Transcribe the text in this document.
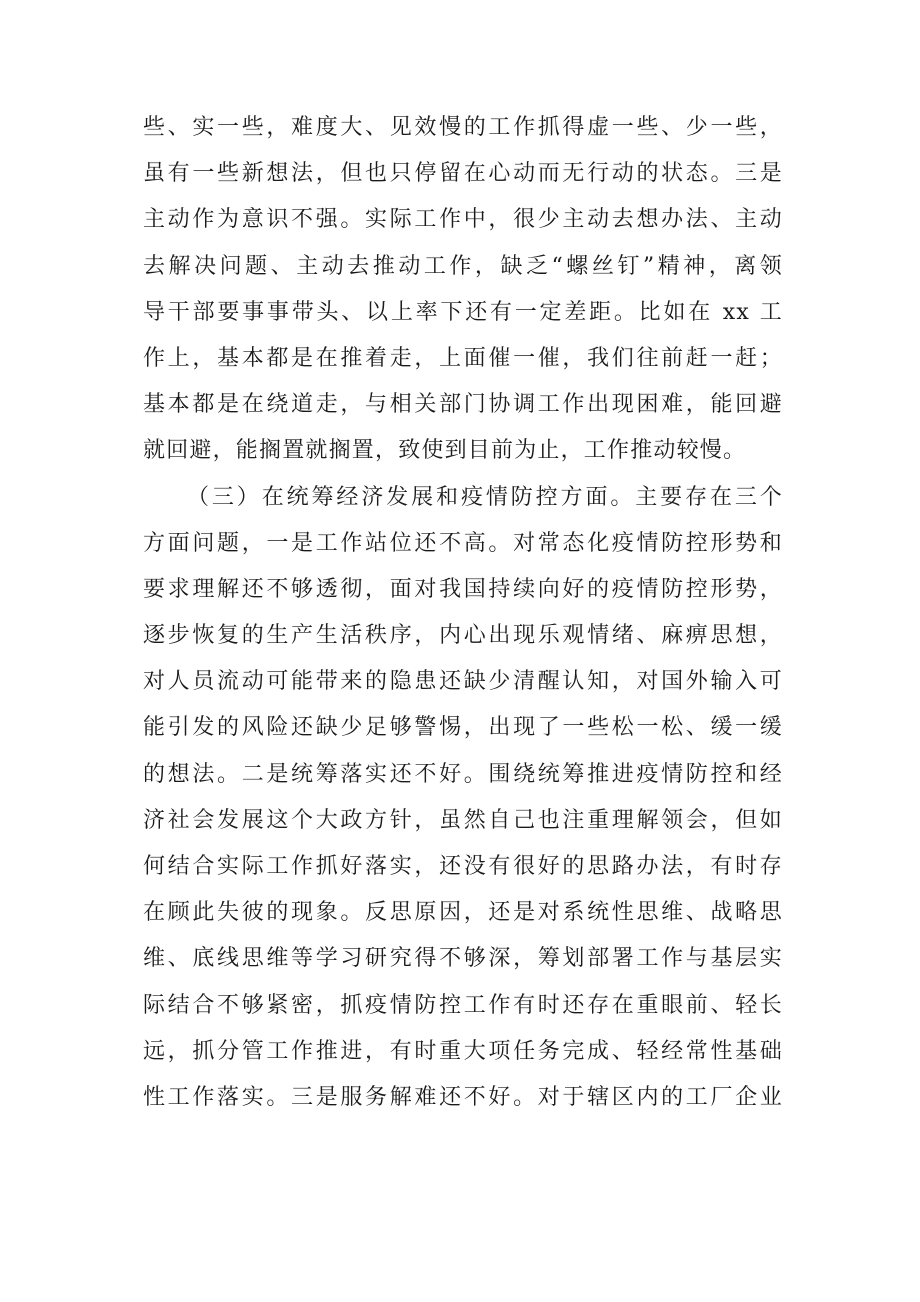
些、实一些，难度大、见效慢的工作抓得虚一些、少一些，
虽有一些新想法，但也只停留在心动而无行动的状态。三是
主动作为意识不强。实际工作中，很少主动去想办法、主动
去解决问题、主动去推动工作，缺乏“螺丝钉”精神，离领
导干部要事事带头、以上率下还有一定差距。比如在 xx 工
作上，基本都是在推着走，上面催一催，我们往前赶一赶；
基本都是在绕道走，与相关部门协调工作出现困难，能回避
就回避，能搁置就搁置，致使到目前为止，工作推动较慢。
（三）在统筹经济发展和疫情防控方面。主要存在三个
方面问题，一是工作站位还不高。对常态化疫情防控形势和
要求理解还不够透彻，面对我国持续向好的疫情防控形势，
逐步恢复的生产生活秩序，内心出现乐观情绪、麻痹思想，
对人员流动可能带来的隐患还缺少清醒认知，对国外输入可
能引发的风险还缺少足够警惕，出现了一些松一松、缓一缓
的想法。二是统筹落实还不好。围绕统筹推进疫情防控和经
济社会发展这个大政方针，虽然自己也注重理解领会，但如
何结合实际工作抓好落实，还没有很好的思路办法，有时存
在顾此失彼的现象。反思原因，还是对系统性思维、战略思
维、底线思维等学习研究得不够深，筹划部署工作与基层实
际结合不够紧密，抓疫情防控工作有时还存在重眼前、轻长
远，抓分管工作推进，有时重大项任务完成、轻经常性基础
性工作落实。三是服务解难还不好。对于辖区内的工厂企业
